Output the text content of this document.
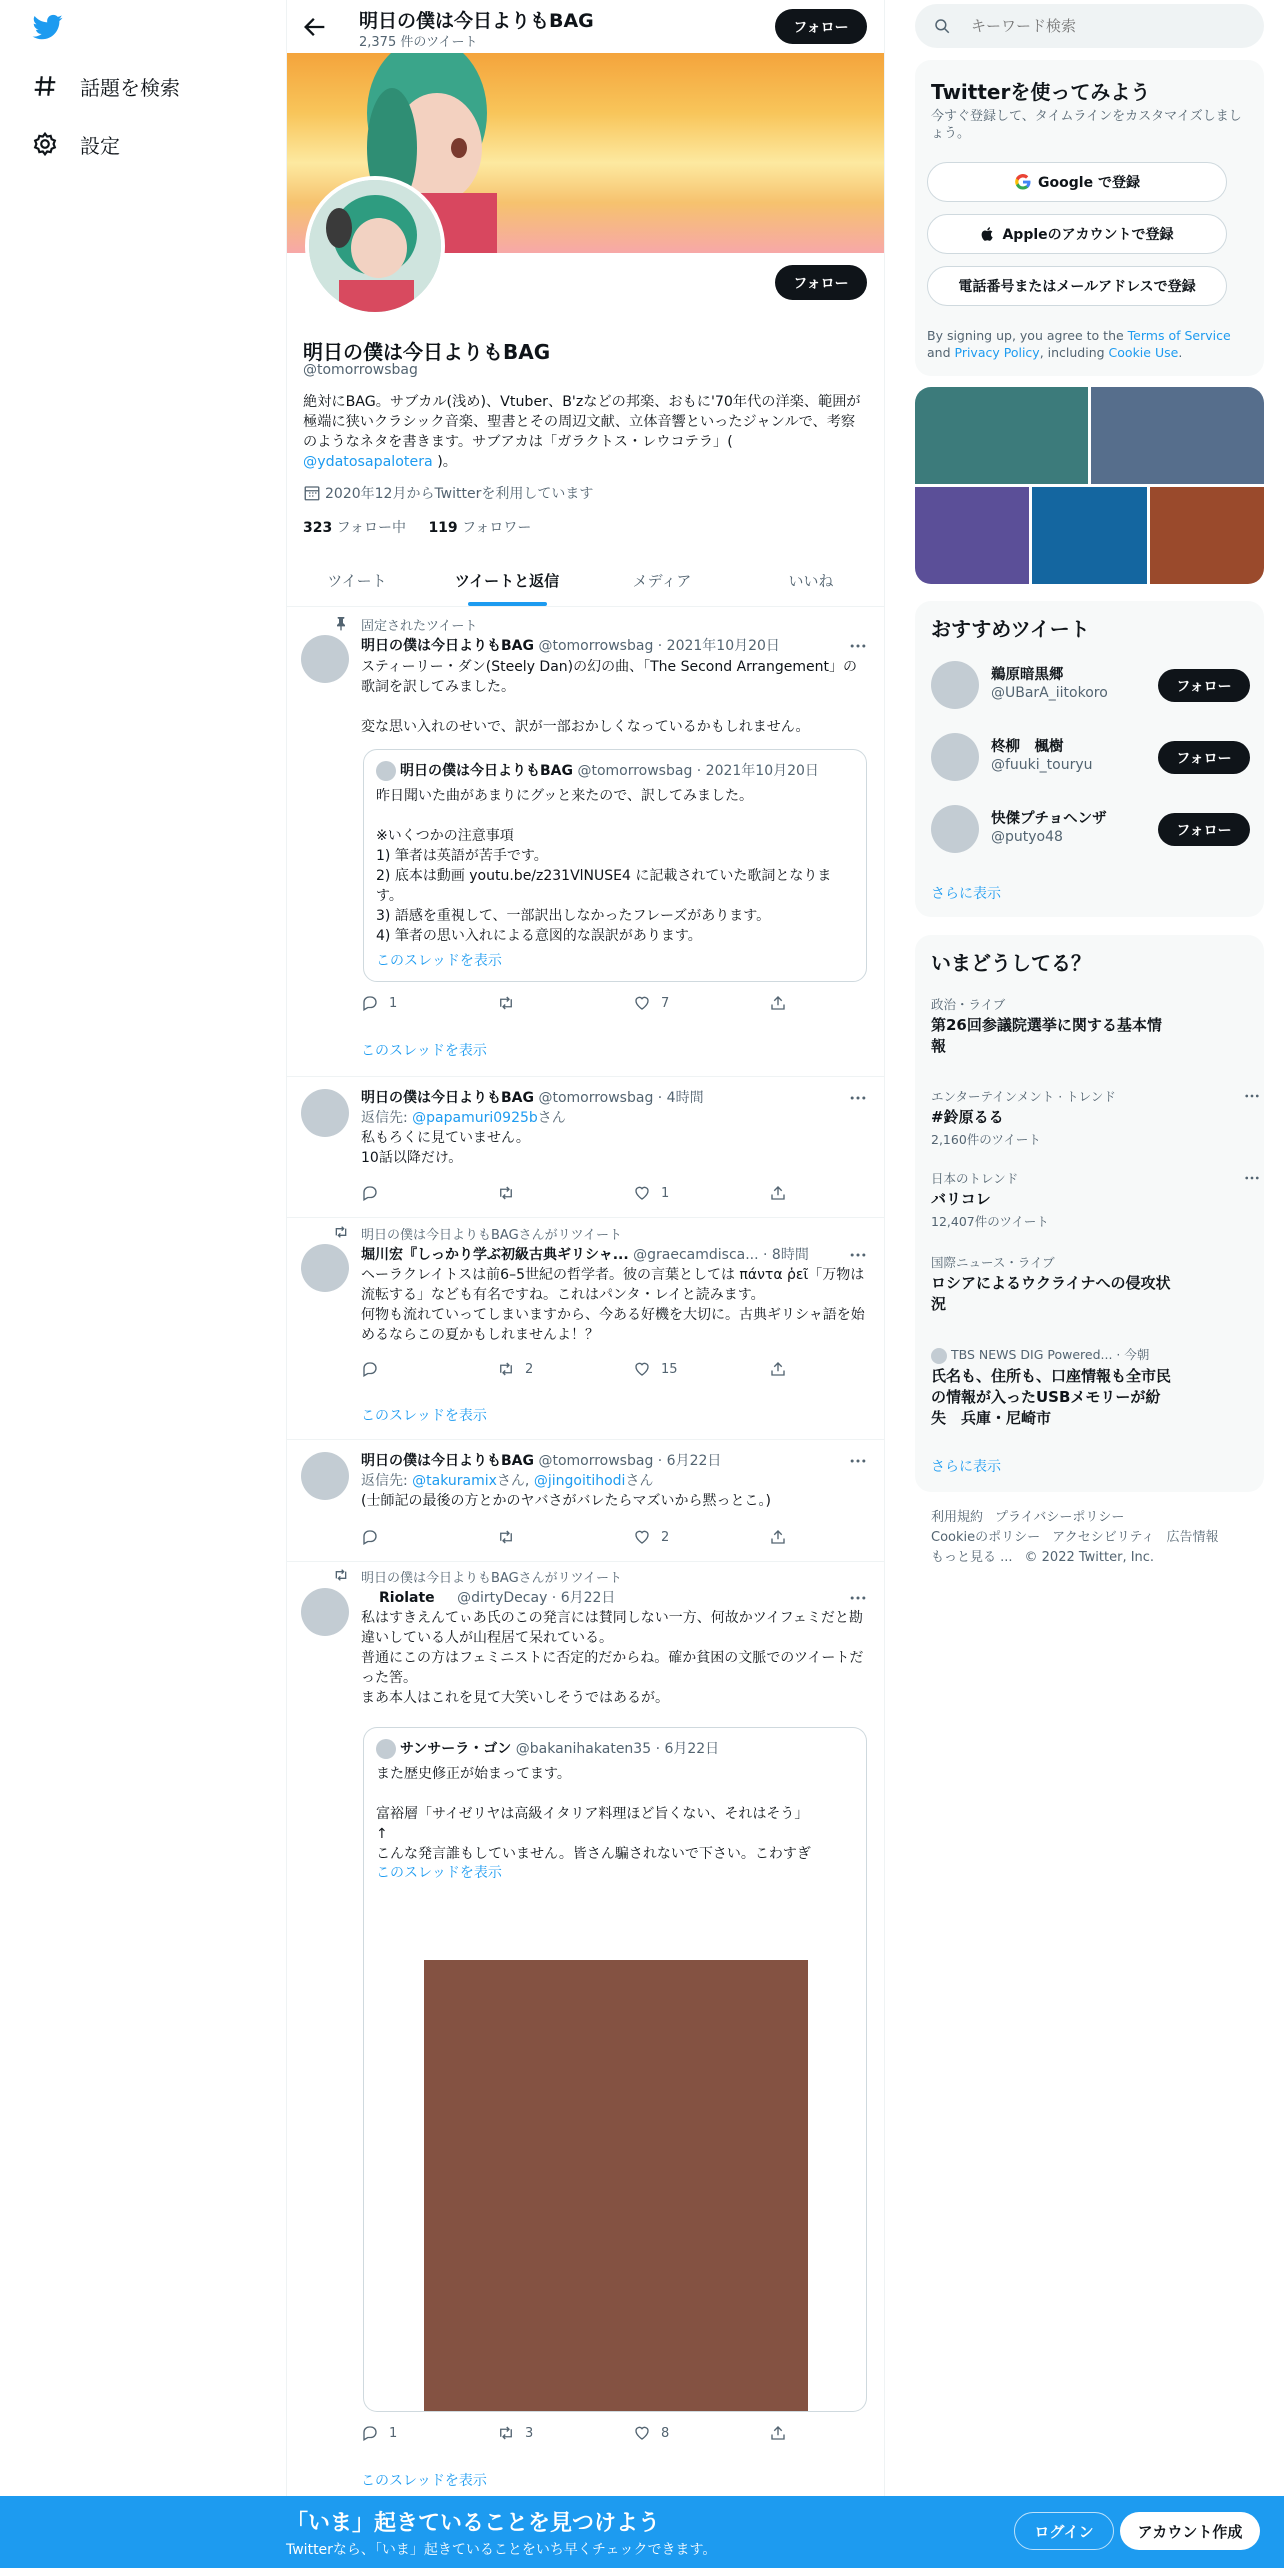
話題を検索
設定
明日の僕は今日よりもBAG
2,375 件のツイート
フォロー
フォロー
明日の僕は今日よりもBAG
@tomorrowsbag
絶対にBAG。サブカル(浅め)、Vtuber、B'zなどの邦楽、おもに'70年代の洋楽、範囲が極端に狭いクラシック音楽、聖書とその周辺文献、立体音響といったジャンルで、考察のようなネタを書きます。サブアカは「ガラクトス・レウコテラ」(
@ydatosapalotera )。
2020年12月からTwitterを利用しています
323 フォロー中 119 フォロワー
ツイート	ツイートと返信	メディア	いいね
固定されたツイート
明日の僕は今日よりもBAG @tomorrowsbag · 2021年10月20日
スティーリー・ダン(Steely Dan)の幻の曲、「The Second Arrangement」の歌詞を訳してみました。

変な思い入れのせいで、訳が一部おかしくなっているかもしれません。
明日の僕は今日よりもBAG @tomorrowsbag · 2021年10月20日
昨日聞いた曲があまりにグッと来たので、訳してみました。

※いくつかの注意事項
1) 筆者は英語が苦手です。
2) 底本は動画 youtu.be/z231VlNUSE4 に記載されていた歌詞となります。
3) 語感を重視して、一部訳出しなかったフレーズがあります。
4) 筆者の思い入れによる意図的な誤訳があります。
このスレッドを表示
1	7
このスレッドを表示
明日の僕は今日よりもBAG @tomorrowsbag · 4時間
返信先: @papamuri0925bさん
私もろくに見ていません。
10話以降だけ。
1
明日の僕は今日よりもBAGさんがリツイート
堀川宏『しっかり学ぶ初級古典ギリシャ... @graecamdisca... · 8時間
ヘーラクレイトスは前6–5世紀の哲学者。彼の言葉としては πάντα ῥεῖ「万物は流転する」なども有名ですね。これはパンタ・レイと読みます。
何物も流れていってしまいますから、今ある好機を大切に。古典ギリシャ語を始めるならこの夏かもしれませんよ！？
2	15
このスレッドを表示
明日の僕は今日よりもBAG @tomorrowsbag · 6月22日
返信先: @takuramixさん, @jingoitihodiさん
(士師記の最後の方とかのヤバさがバレたらマズいから黙っとこ。)
2
明日の僕は今日よりもBAGさんがリツイート
Riolate @dirtyDecay · 6月22日
私はすきえんてぃあ氏のこの発言には賛同しない一方、何故かツイフェミだと勘違いしている人が山程居て呆れている。
普通にこの方はフェミニストに否定的だからね。確か貧困の文脈でのツイートだった筈。
まあ本人はこれを見て大笑いしそうではあるが。
サンサーラ・ゴン @bakanihakaten35 · 6月22日
また歴史修正が始まってます。

富裕層「サイゼリヤは高級イタリア料理ほど旨くない、それはそう」
↑
こんな発言誰もしていません。皆さん騙されないで下さい。こわすぎ
このスレッドを表示
1	3	8
このスレッドを表示
キーワード検索
Twitterを使ってみよう
今すぐ登録して、タイムラインをカスタマイズしましょう。
Google で登録
Appleのアカウントで登録
電話番号またはメールアドレスで登録
By signing up, you agree to the Terms of Service and Privacy Policy, including Cookie Use.
おすすめツイート
鵜原暗黒郷
@UBarA_iitokoro	フォロー
柊柳　楓樹
@fuuki_touryu	フォロー
快傑プチョヘンザ
@putyo48	フォロー
さらに表示
いまどうしてる？
政治・ライブ
第26回参議院選挙に関する基本情報
エンターテインメント · トレンド
#鈴原るる
2,160件のツイート
日本のトレンド
バリコレ
12,407件のツイート
国際ニュース・ライブ
ロシアによるウクライナへの侵攻状況
TBS NEWS DIG Powered... · 今朝
氏名も、住所も、口座情報も全市民の情報が入ったUSBメモリーが紛失　兵庫・尼崎市
さらに表示
利用規約 プライバシーポリシー
Cookieのポリシー アクセシビリティ 広告情報
もっと見る ... © 2022 Twitter, Inc.
「いま」起きていることを見つけよう
Twitterなら、「いま」起きていることをいち早くチェックできます。
ログイン	アカウント作成
